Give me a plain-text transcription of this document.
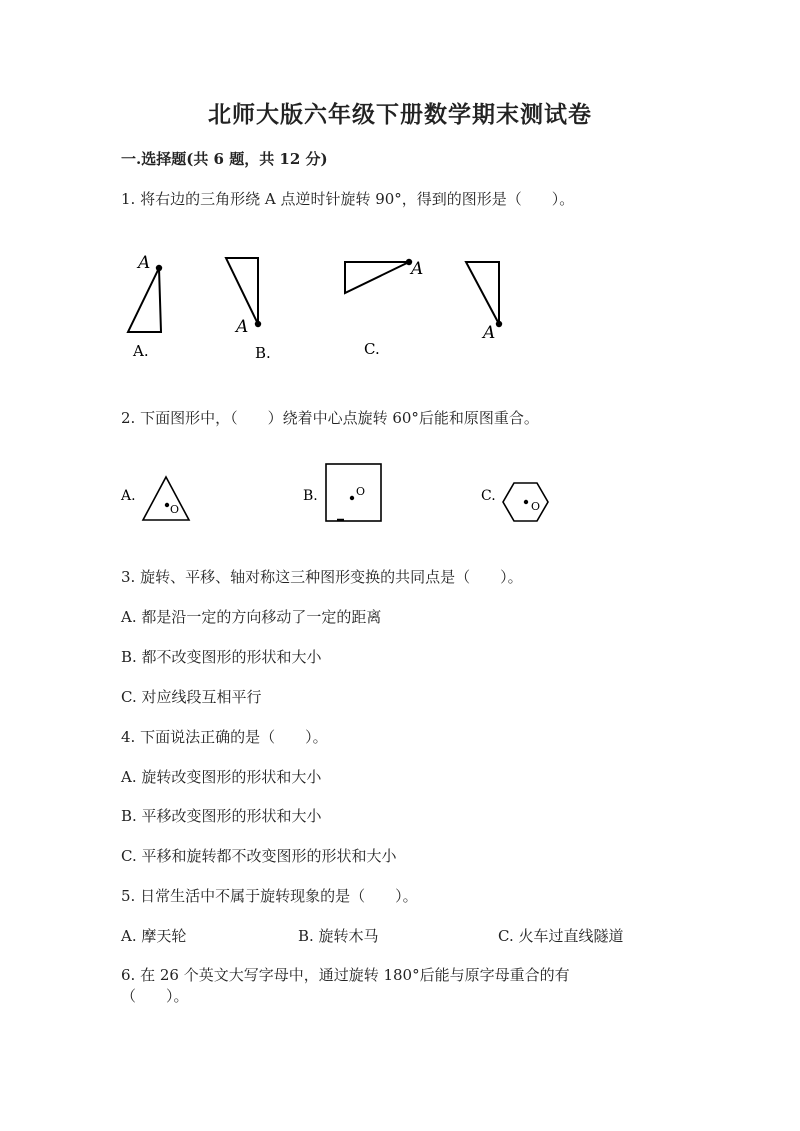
北师大版六年级下册数学期末测试卷
一.选择题(共 6 题，共 12 分)
1. 将右边的三角形绕 A 点逆时针旋转 90°，得到的图形是（　　）。
A
A.
A
B.
A
C.
A
2. 下面图形中，（　　）绕着中心点旋转 60°后能和原图重合。
A.
O
B.	O	C.
O
3. 旋转、平移、轴对称这三种图形变换的共同点是（　　）。
A. 都是沿一定的方向移动了一定的距离
B. 都不改变图形的形状和大小
C. 对应线段互相平行
4. 下面说法正确的是（　　）。
A. 旋转改变图形的形状和大小
B. 平移改变图形的形状和大小
C. 平移和旋转都不改变图形的形状和大小
5. 日常生活中不属于旋转现象的是（　　）。
A. 摩天轮	B. 旋转木马	C. 火车过直线隧道
6. 在 26 个英文大写字母中，通过旋转 180°后能与原字母重合的有
（　　）。
